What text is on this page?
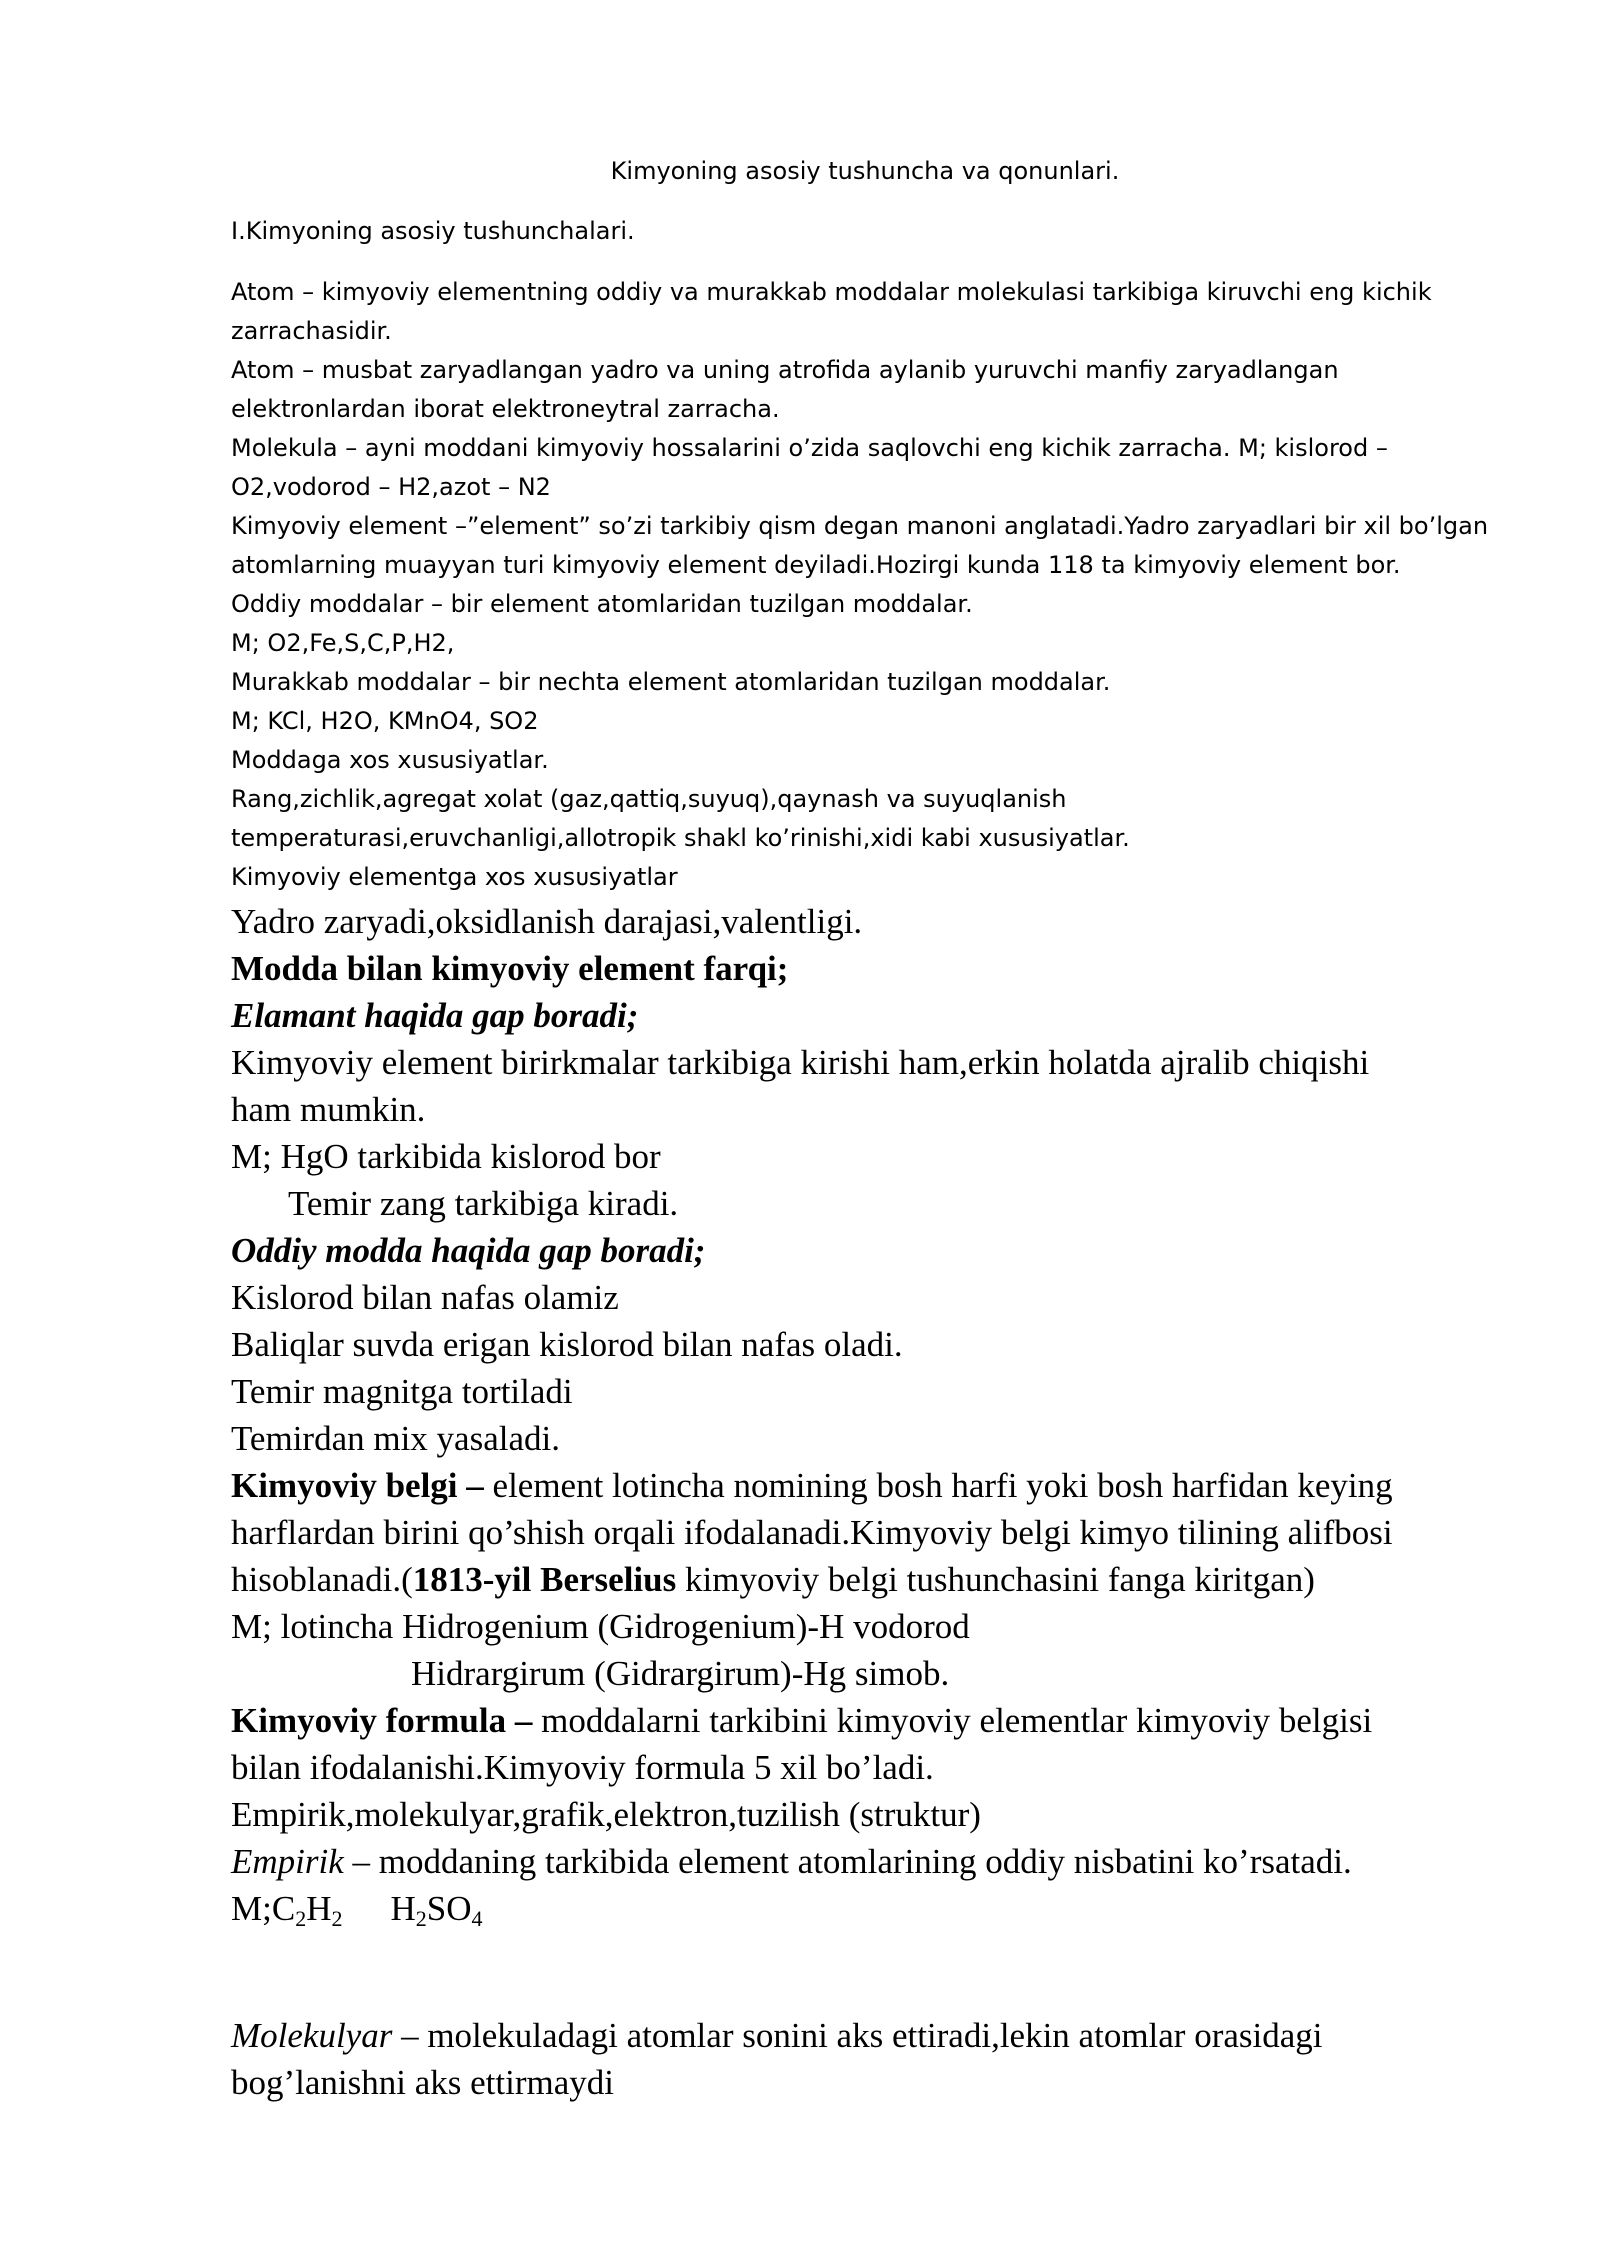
Kimyoning asosiy tushuncha va qonunlari.
I.Kimyoning asosiy tushunchalari.
Atom – kimyoviy elementning oddiy va murakkab moddalar molekulasi tarkibiga kiruvchi eng kichik
zarrachasidir.
Atom – musbat zaryadlangan yadro va uning atrofida aylanib yuruvchi manfiy zaryadlangan
elektronlardan iborat elektroneytral zarracha.
Molekula – ayni moddani kimyoviy hossalarini o’zida saqlovchi eng kichik zarracha. M; kislorod –
O2,vodorod – H2,azot – N2
Kimyoviy element –”element” so’zi tarkibiy qism degan manoni anglatadi.Yadro zaryadlari bir xil bo’lgan
atomlarning muayyan turi kimyoviy element deyiladi.Hozirgi kunda 118 ta kimyoviy element bor.
Oddiy moddalar – bir element atomlaridan tuzilgan moddalar.
M; O2,Fe,S,C,P,H2,
Murakkab moddalar – bir nechta element atomlaridan tuzilgan moddalar.
M; KCl, H2O, KMnO4, SO2
Moddaga xos xususiyatlar.
Rang,zichlik,agregat xolat (gaz,qattiq,suyuq),qaynash va suyuqlanish
temperaturasi,eruvchanligi,allotropik shakl ko’rinishi,xidi kabi xususiyatlar.
Kimyoviy elementga xos xusᴜsiyatlar
Yadro zaryadi,oksidlanish darajasi,valentligi.
Modda bilan kimyoviy element farqi;
Elamant haqida gap boradi;
Kimyoviy element birirkmalar tarkibiga kirishi ham,erkin holatda ajralib chiqishi
ham mumkin.
M; HgO tarkibida kislorod bor
Temir zang tarkibiga kiradi.
Oddiy modda haqida gap boradi;
Kislorod bilan nafas olamiz
Baliqlar suvda erigan kislorod bilan nafas oladi.
Temir magnitga tortiladi
Temirdan mix yasaladi.
Kimyoviy belgi – element lotincha nomining bosh harfi yoki bosh harfidan keying
harflardan birini qo’shish orqali ifodalanadi.Kimyoviy belgi kimyo tilining alifbosi
hisoblanadi.(1813-yil Berselius kimyoviy belgi tushunchasini fanga kiritgan)
M; lotincha Hidrogenium (Gidrogenium)-H vodorod
Hidrargirum (Gidrargirum)-Hg simob.
Kimyoviy formula – moddalarni tarkibini kimyoviy elementlar kimyoviy belgisi
bilan ifodalanishi.Kimyoviy formula 5 xil bo’ladi.
Empirik,molekulyar,grafik,elektron,tuzilish (struktur)
Empirik – moddaning tarkibida element atomlarining oddiy nisbatini ko’rsatadi.
$M;C_2H_2$ $H_2SO_4$
Molekulyar – molekuladagi atomlar sonini aks ettiradi,lekin atomlar orasidagi
bog’lanishni aks ettirmaydi
